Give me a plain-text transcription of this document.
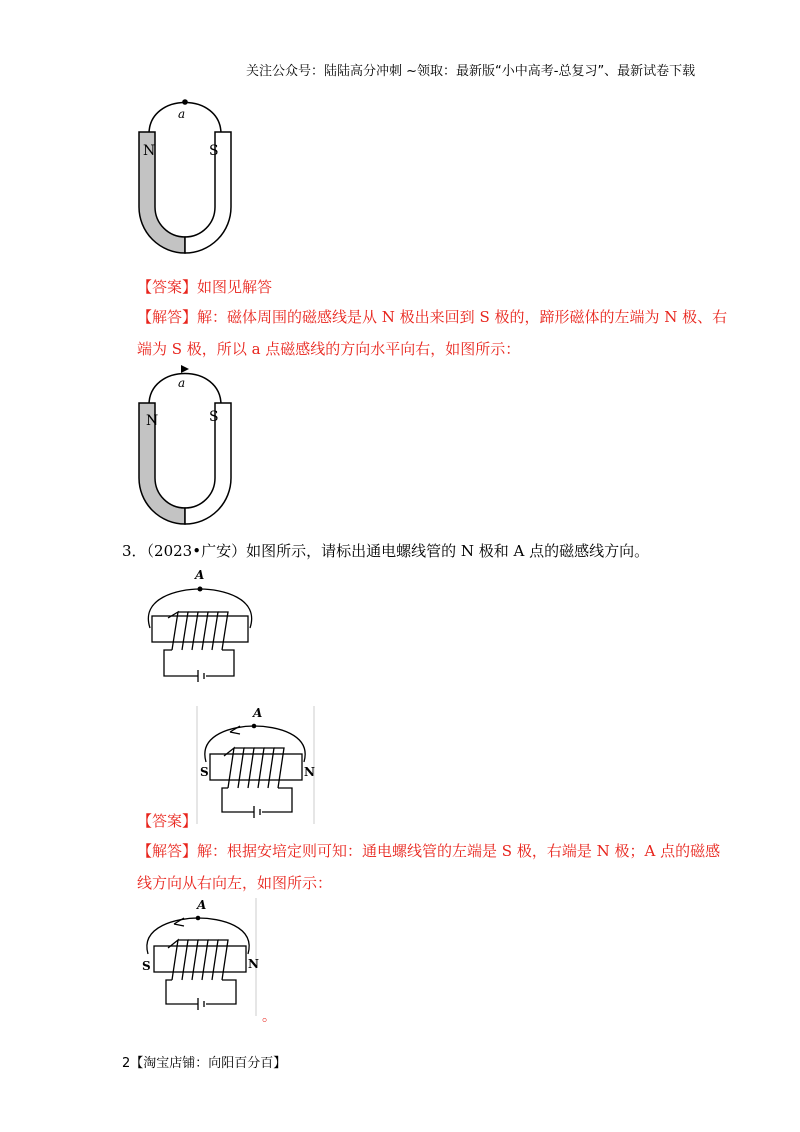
关注公众号：陆陆高分冲刺 ~领取：最新版“小中高考-总复习”、最新试卷下载
a
N	S
【答案】如图见解答
【解答】解：磁体周围的磁感线是从 N 极出来回到 S 极的，蹄形磁体的左端为 N 极、右
端为 S 极，所以 a 点磁感线的方向水平向右，如图所示：
a
N	S
3．（2023•广安）如图所示，请标出通电螺线管的 N 极和 A 点的磁感线方向。
A
A
S	N
【答案】
【解答】解：根据安培定则可知：通电螺线管的左端是 S 极，右端是 N 极；A 点的磁感
线方向从右向左，如图所示：
A
S	N
。
2【淘宝店铺：向阳百分百】
